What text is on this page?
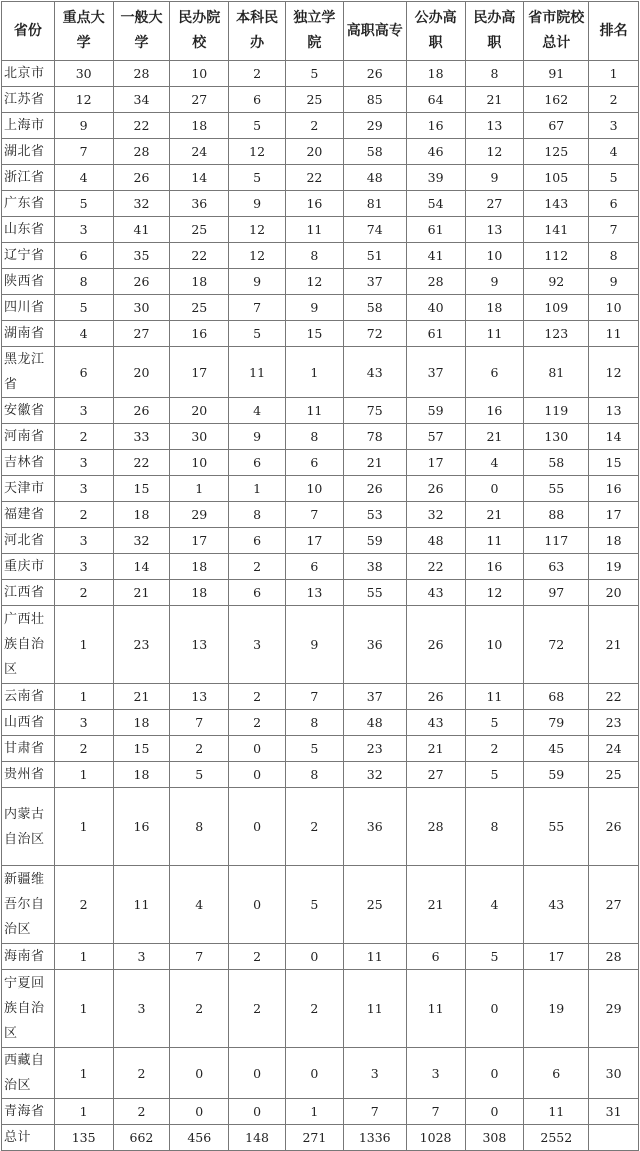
省份	重点大学	一般大学	民办院校	本科民办	独立学院	高职高专	公办高职	民办高职	省市院校总计	排名
北京市	30	28	10	2	5	26	18	8	91	1
江苏省	12	34	27	6	25	85	64	21	162	2
上海市	9	22	18	5	2	29	16	13	67	3
湖北省	7	28	24	12	20	58	46	12	125	4
浙江省	4	26	14	5	22	48	39	9	105	5
广东省	5	32	36	9	16	81	54	27	143	6
山东省	3	41	25	12	11	74	61	13	141	7
辽宁省	6	35	22	12	8	51	41	10	112	8
陕西省	8	26	18	9	12	37	28	9	92	9
四川省	5	30	25	7	9	58	40	18	109	10
湖南省	4	27	16	5	15	72	61	11	123	11
黑龙江省	6	20	17	11	1	43	37	6	81	12
安徽省	3	26	20	4	11	75	59	16	119	13
河南省	2	33	30	9	8	78	57	21	130	14
吉林省	3	22	10	6	6	21	17	4	58	15
天津市	3	15	1	1	10	26	26	0	55	16
福建省	2	18	29	8	7	53	32	21	88	17
河北省	3	32	17	6	17	59	48	11	117	18
重庆市	3	14	18	2	6	38	22	16	63	19
江西省	2	21	18	6	13	55	43	12	97	20
广西壮族自治区	1	23	13	3	9	36	26	10	72	21
云南省	1	21	13	2	7	37	26	11	68	22
山西省	3	18	7	2	8	48	43	5	79	23
甘肃省	2	15	2	0	5	23	21	2	45	24
贵州省	1	18	5	0	8	32	27	5	59	25
内蒙古自治区	1	16	8	0	2	36	28	8	55	26
新疆维吾尔自治区	2	11	4	0	5	25	21	4	43	27
海南省	1	3	7	2	0	11	6	5	17	28
宁夏回族自治区	1	3	2	2	2	11	11	0	19	29
西藏自治区	1	2	0	0	0	3	3	0	6	30
青海省	1	2	0	0	1	7	7	0	11	31
总计	135	662	456	148	271	1336	1028	308	2552	
